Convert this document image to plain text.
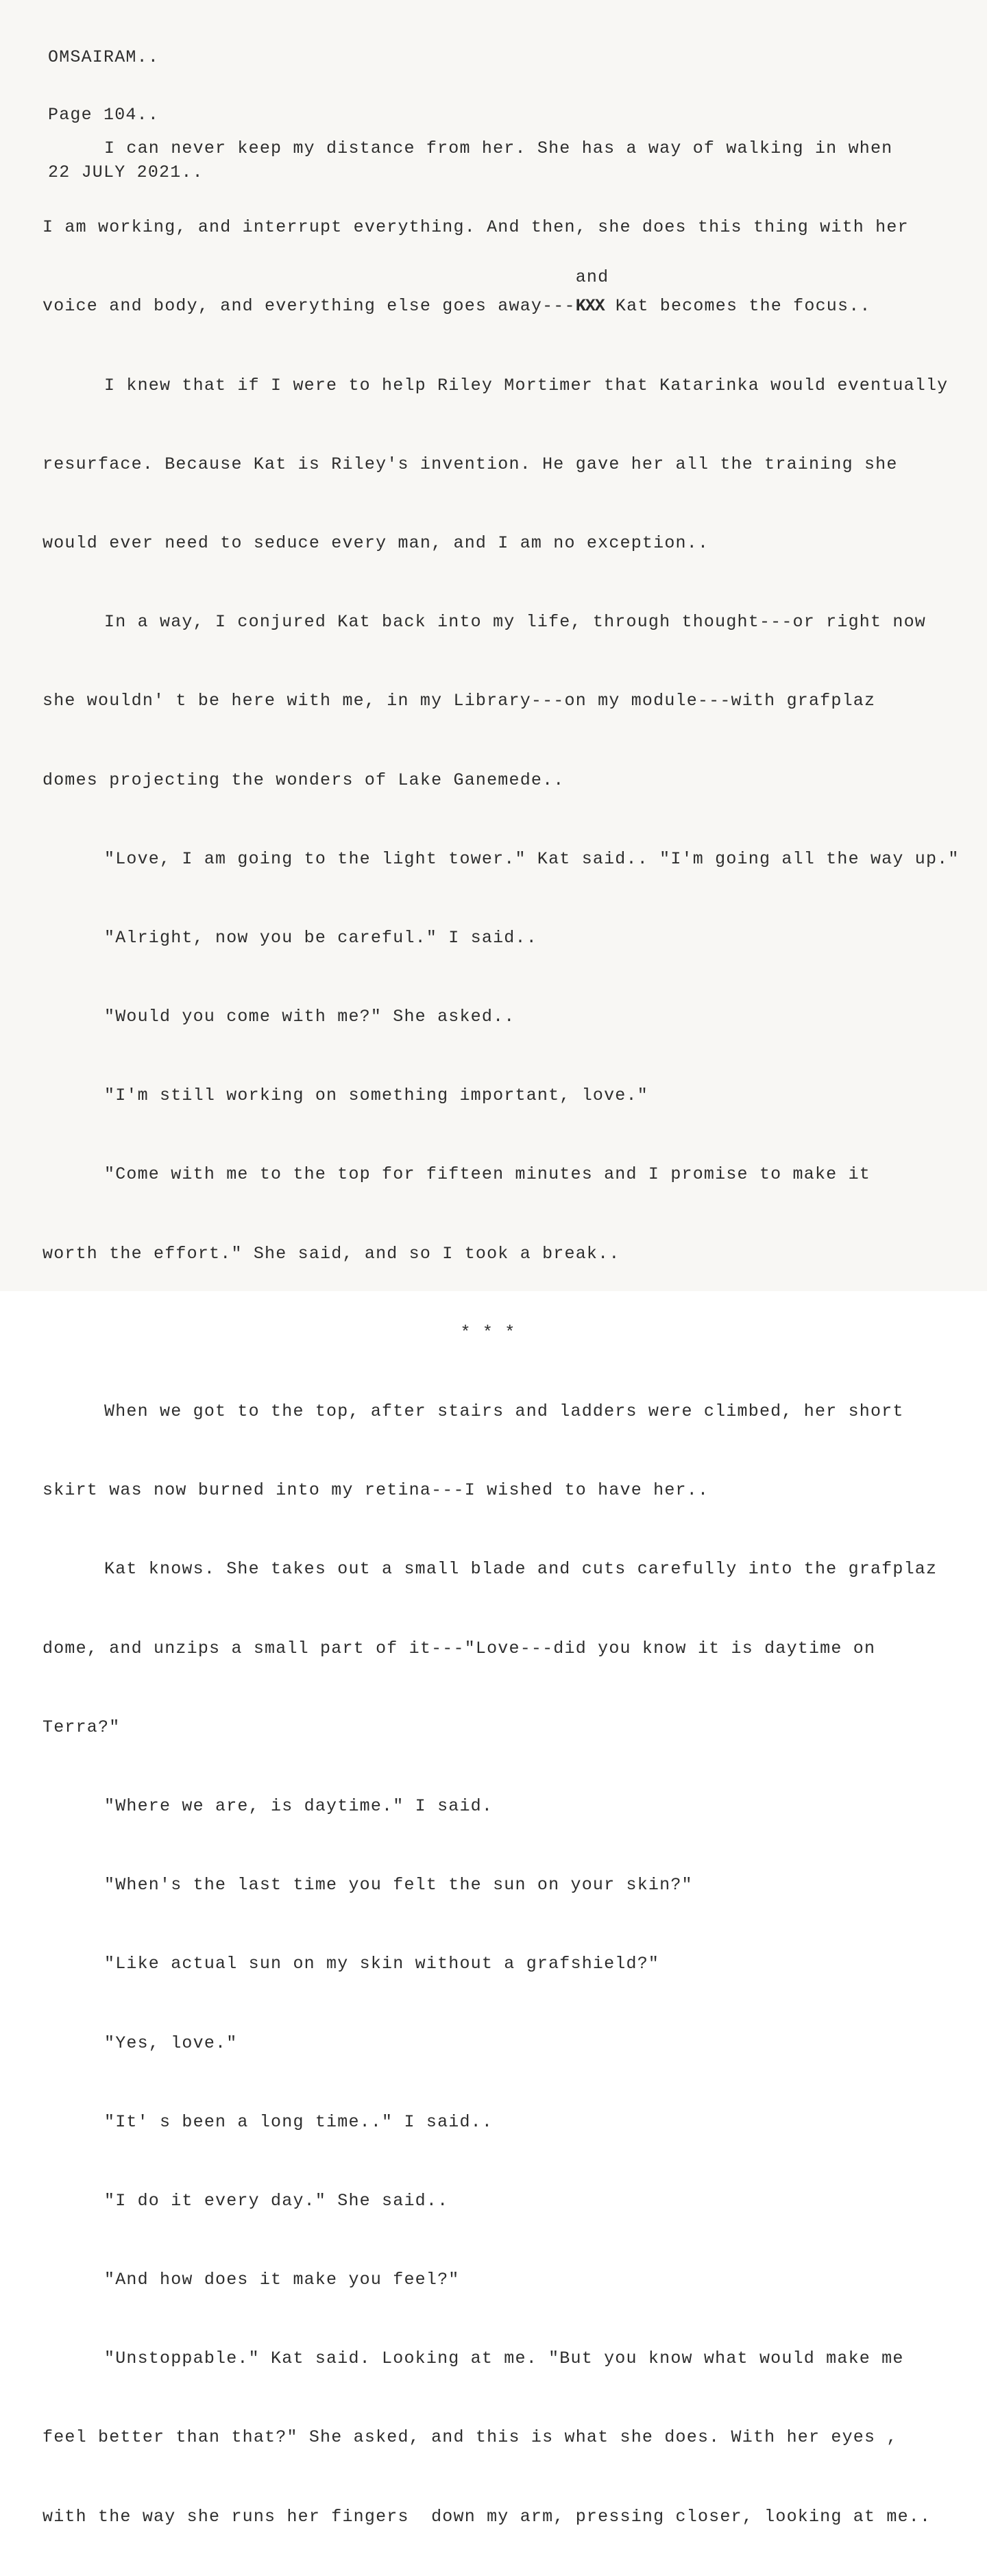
OMSAIRAM..

Page 104..

22 JULY 2021..

I can never keep my distance from her. She has a way of walking in when

I am working, and interrupt everything. And then, she does this thing with her

voice and body, and everything else goes away---
and
KXX Kat becomes the focus..

I knew that if I were to help Riley Mortimer that Katarinka would eventually

resurface. Because Kat is Riley's invention. He gave her all the training she

would ever need to seduce every man, and I am no exception..

In a way, I conjured Kat back into my life, through thought---or right now

she wouldn' t be here with me, in my Library---on my module---with grafplaz

domes projecting the wonders of Lake Ganemede..

"Love, I am going to the light tower." Kat said.. "I'm going all the way up."

"Alright, now you be careful." I said..

"Would you come with me?" She asked..

"I'm still working on something important, love."

"Come with me to the top for fifteen minutes and I promise to make it

worth the effort." She said, and so I took a break..

* * *

When we got to the top, after stairs and ladders were climbed, her short

skirt was now burned into my retina---I wished to have her..

Kat knows. She takes out a small blade and cuts carefully into the grafplaz

dome, and unzips a small part of it---"Love---did you know it is daytime on

Terra?"

"Where we are, is daytime." I said.

"When's the last time you felt the sun on your skin?"

"Like actual sun on my skin without a grafshield?"

"Yes, love."

"It' s been a long time.." I said..

"I do it every day." She said..

"And how does it make you feel?"

"Unstoppable." Kat said. Looking at me. "But you know what would make me

feel better than that?" She asked, and this is what she does. With her eyes ,

with the way she runs her fingers  down my arm, pressing closer, looking at me..
